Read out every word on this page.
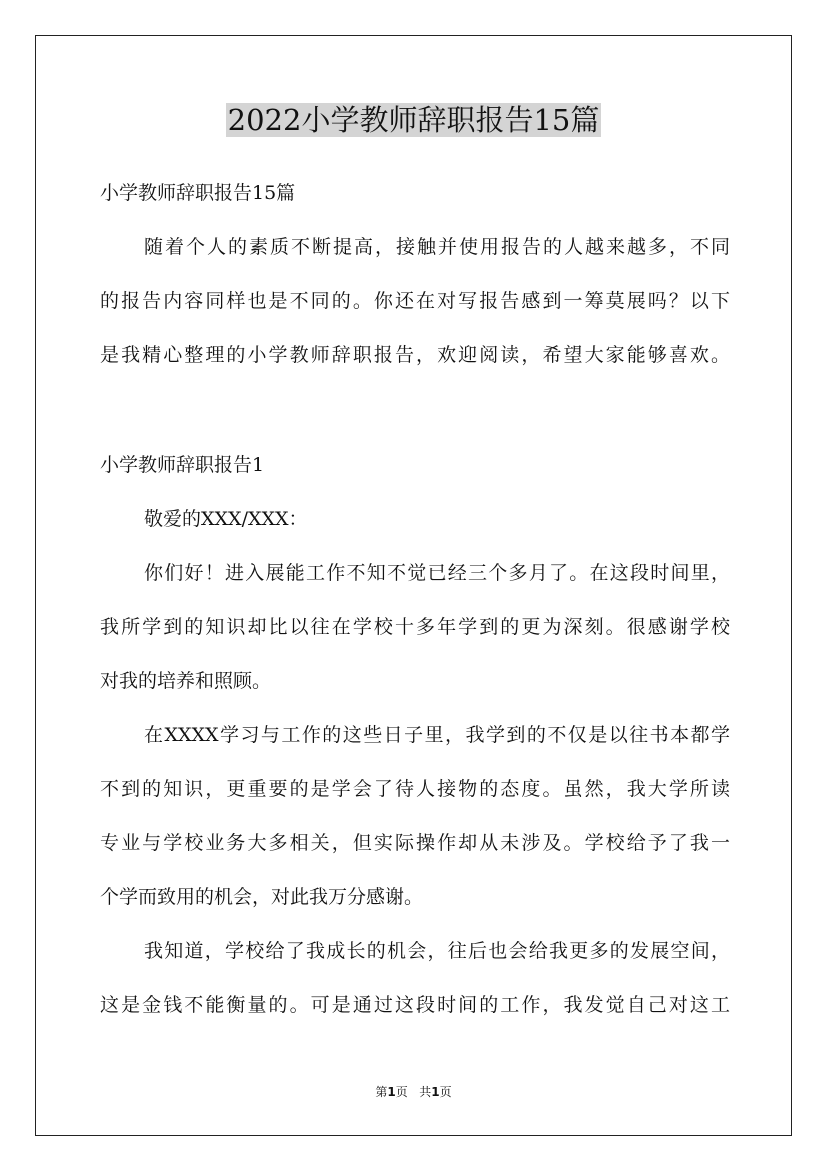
2022小学教师辞职报告15篇
小学教师辞职报告15篇
随着个人的素质不断提高，接触并使用报告的人越来越多，不同
的报告内容同样也是不同的。你还在对写报告感到一筹莫展吗？以下
是我精心整理的小学教师辞职报告，欢迎阅读，希望大家能够喜欢。
小学教师辞职报告1
敬爱的XXX/XXX：
你们好！进入展能工作不知不觉已经三个多月了。在这段时间里，
我所学到的知识却比以往在学校十多年学到的更为深刻。很感谢学校
对我的培养和照顾。
在XXXX学习与工作的这些日子里，我学到的不仅是以往书本都学
不到的知识，更重要的是学会了待人接物的态度。虽然，我大学所读
专业与学校业务大多相关，但实际操作却从未涉及。学校给予了我一
个学而致用的机会，对此我万分感谢。
我知道，学校给了我成长的机会，往后也会给我更多的发展空间，
这是金钱不能衡量的。可是通过这段时间的工作，我发觉自己对这工
第1页 共1页
